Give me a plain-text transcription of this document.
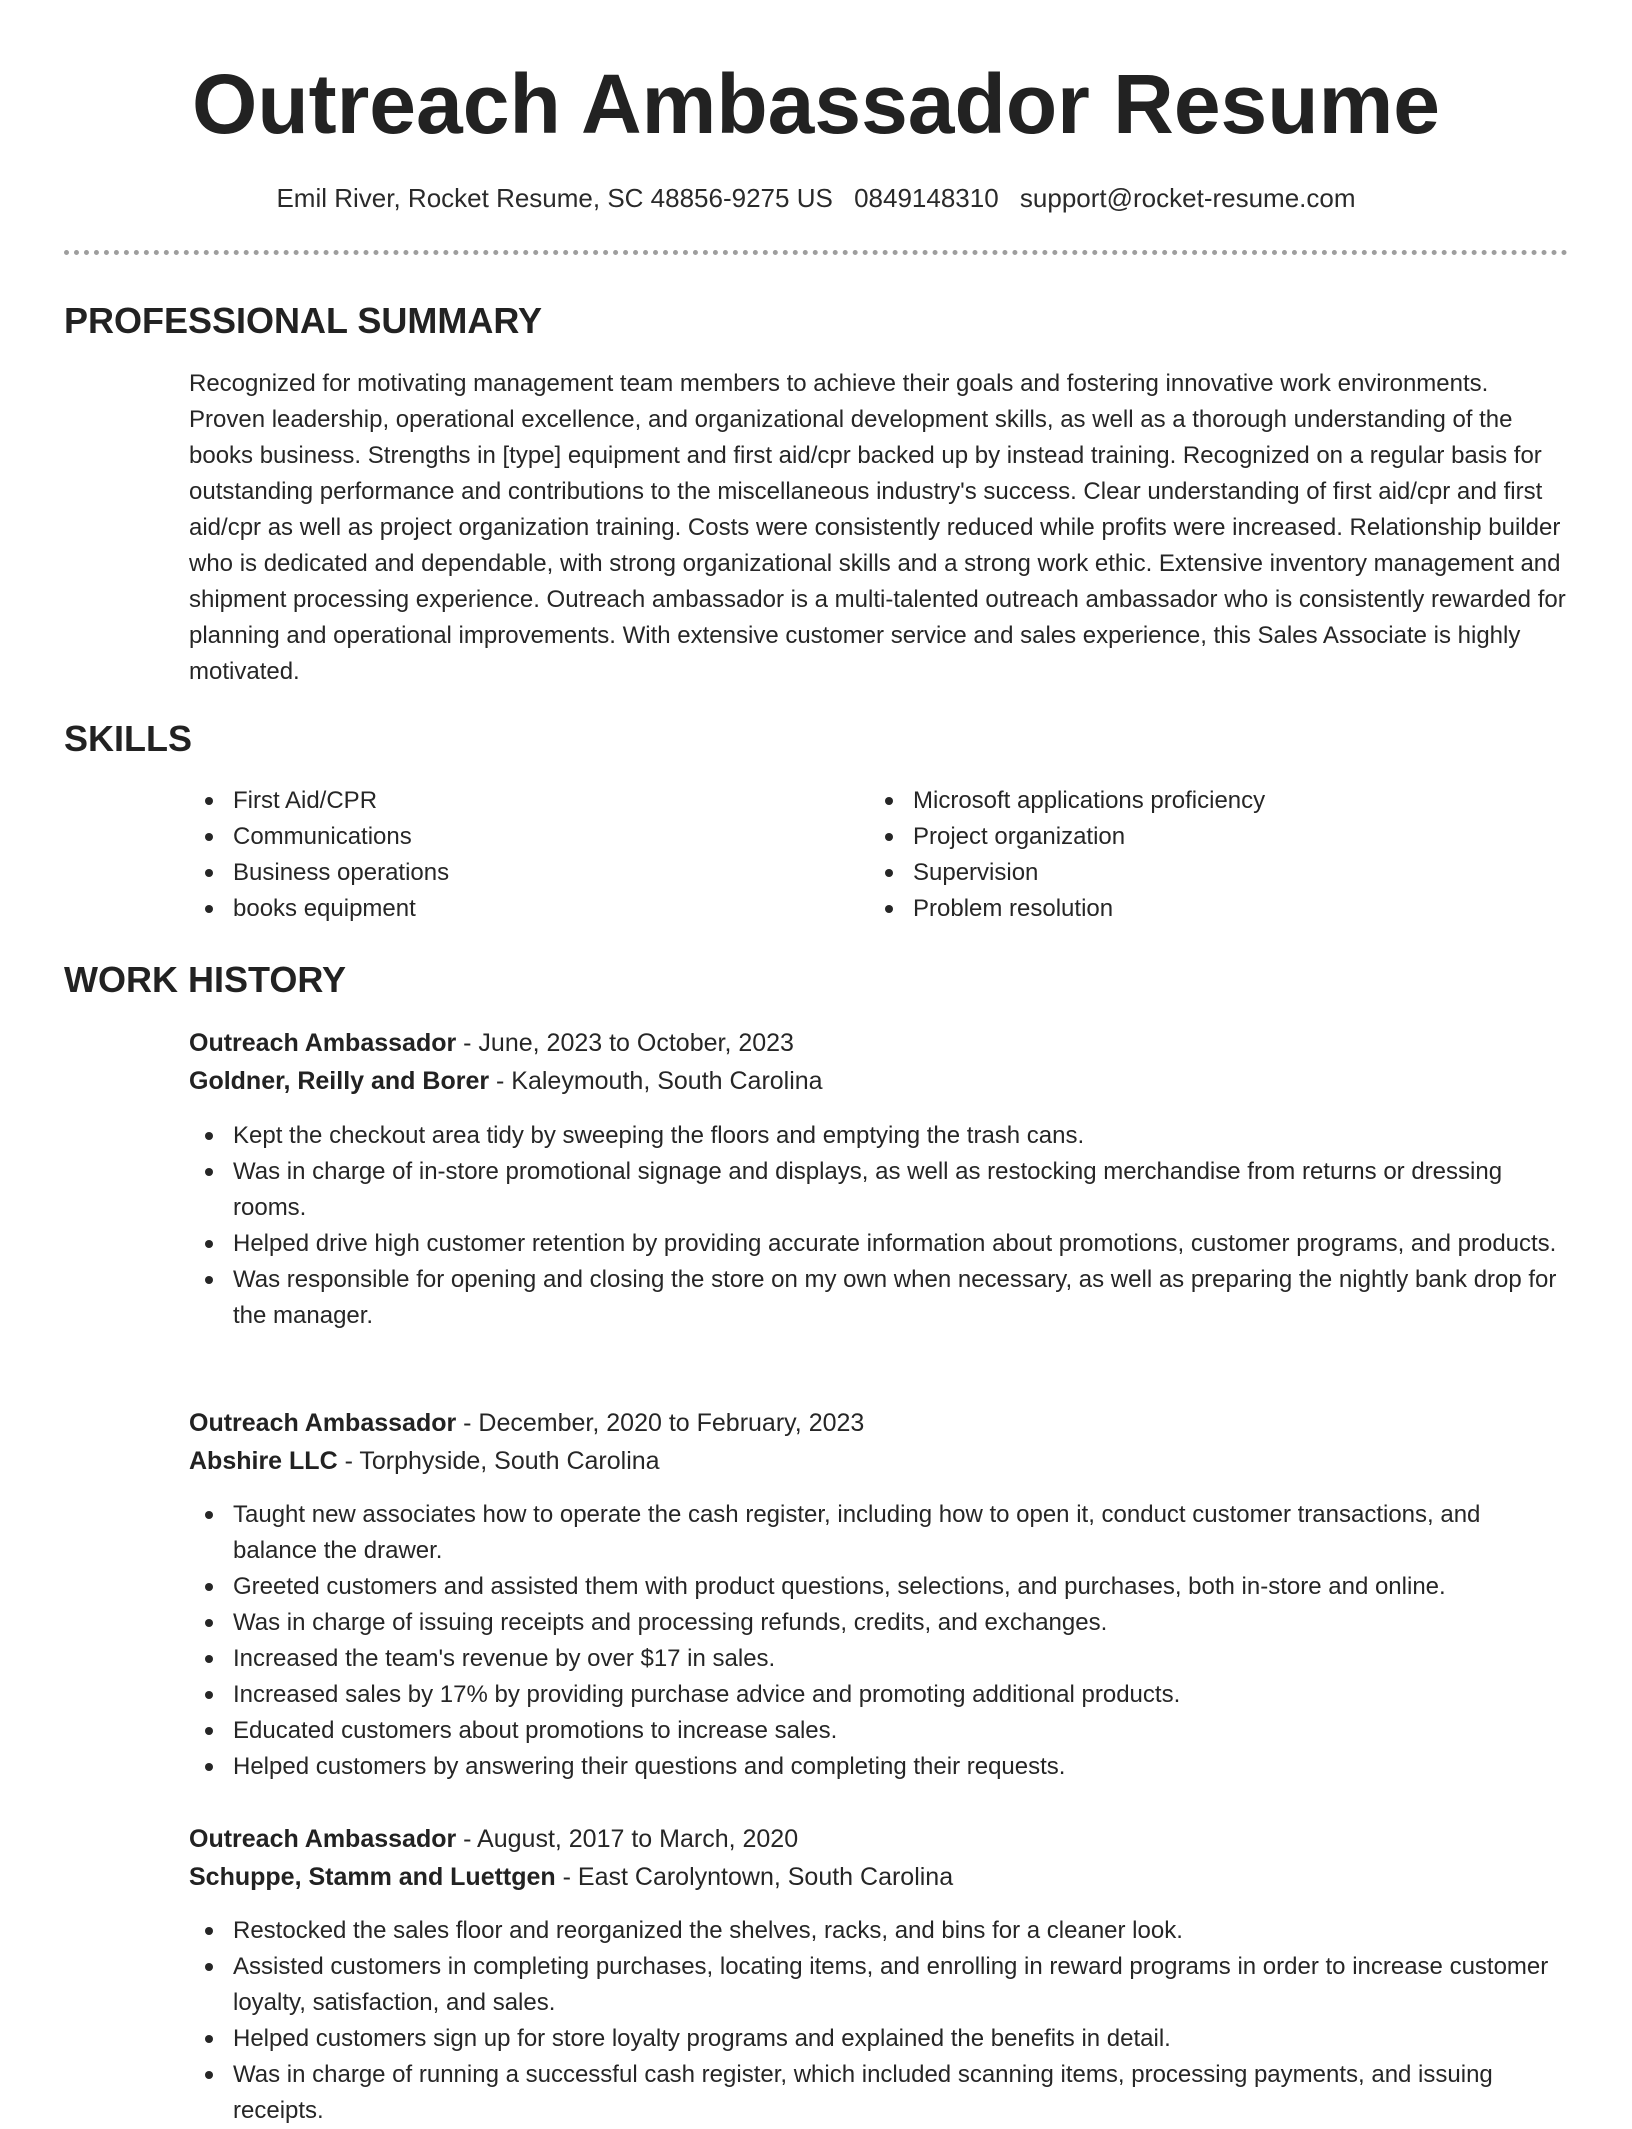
Outreach Ambassador Resume
Emil River, Rocket Resume, SC 48856-9275 US 0849148310 support@rocket-resume.com
PROFESSIONAL SUMMARY

Recognized for motivating management team members to achieve their goals and fostering innovative work environments. Proven leadership, operational excellence, and organizational development skills, as well as a thorough understanding of the books business. Strengths in [type] equipment and first aid/cpr backed up by instead training. Recognized on a regular basis for outstanding performance and contributions to the miscellaneous industry's success. Clear understanding of first aid/cpr and first aid/cpr as well as project organization training. Costs were consistently reduced while profits were increased. Relationship builder who is dedicated and dependable, with strong organizational skills and a strong work ethic. Extensive inventory management and shipment processing experience. Outreach ambassador is a multi-talented outreach ambassador who is consistently rewarded for planning and operational improvements. With extensive customer service and sales experience, this Sales Associate is highly motivated.

SKILLS
First Aid/CPR
Communications
Business operations
books equipment
Microsoft applications proficiency
Project organization
Supervision
Problem resolution
WORK HISTORY
Outreach Ambassador - June, 2023 to October, 2023
Goldner, Reilly and Borer - Kaleymouth, South Carolina
Kept the checkout area tidy by sweeping the floors and emptying the trash cans.
Was in charge of in-store promotional signage and displays, as well as restocking merchandise from returns or dressing rooms.
Helped drive high customer retention by providing accurate information about promotions, customer programs, and products.
Was responsible for opening and closing the store on my own when necessary, as well as preparing the nightly bank drop for the manager.
Outreach Ambassador - December, 2020 to February, 2023
Abshire LLC - Torphyside, South Carolina
Taught new associates how to operate the cash register, including how to open it, conduct customer transactions, and balance the drawer.
Greeted customers and assisted them with product questions, selections, and purchases, both in-store and online.
Was in charge of issuing receipts and processing refunds, credits, and exchanges.
Increased the team's revenue by over $17 in sales.
Increased sales by 17% by providing purchase advice and promoting additional products.
Educated customers about promotions to increase sales.
Helped customers by answering their questions and completing their requests.
Outreach Ambassador - August, 2017 to March, 2020
Schuppe, Stamm and Luettgen - East Carolyntown, South Carolina
Restocked the sales floor and reorganized the shelves, racks, and bins for a cleaner look.
Assisted customers in completing purchases, locating items, and enrolling in reward programs in order to increase customer loyalty, satisfaction, and sales.
Helped customers sign up for store loyalty programs and explained the benefits in detail.
Was in charge of running a successful cash register, which included scanning items, processing payments, and issuing receipts.
